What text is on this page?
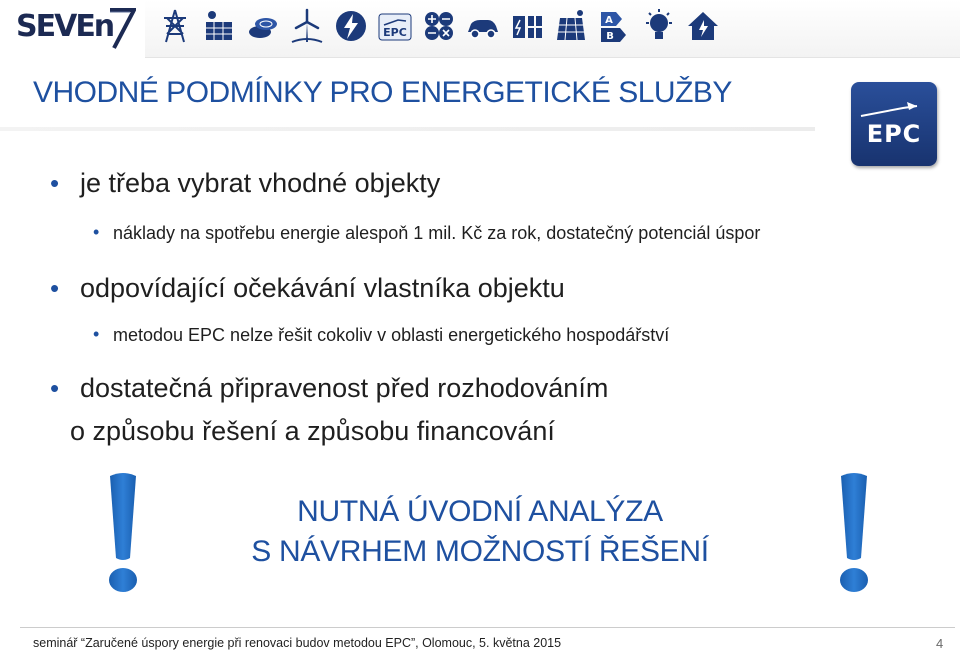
SEVEn	EPC
A
B
VHODNÉ PODMÍNKY PRO ENERGETICKÉ SLUŽBY
EPC
• je třeba vybrat vhodné objekty
• náklady na spotřebu energie alespoň 1 mil. Kč za rok, dostatečný potenciál úspor
• odpovídající očekávání vlastníka objektu
• metodou EPC nelze řešit cokoliv v oblasti energetického hospodářství
• dostatečná připravenost před rozhodováním
o způsobu řešení a způsobu financování
NUTNÁ ÚVODNÍ ANALÝZA
S NÁVRHEM MOŽNOSTÍ ŘEŠENÍ
seminář “Zaručené úspory energie při renovaci budov metodou EPC”, Olomouc, 5. května 2015	4
